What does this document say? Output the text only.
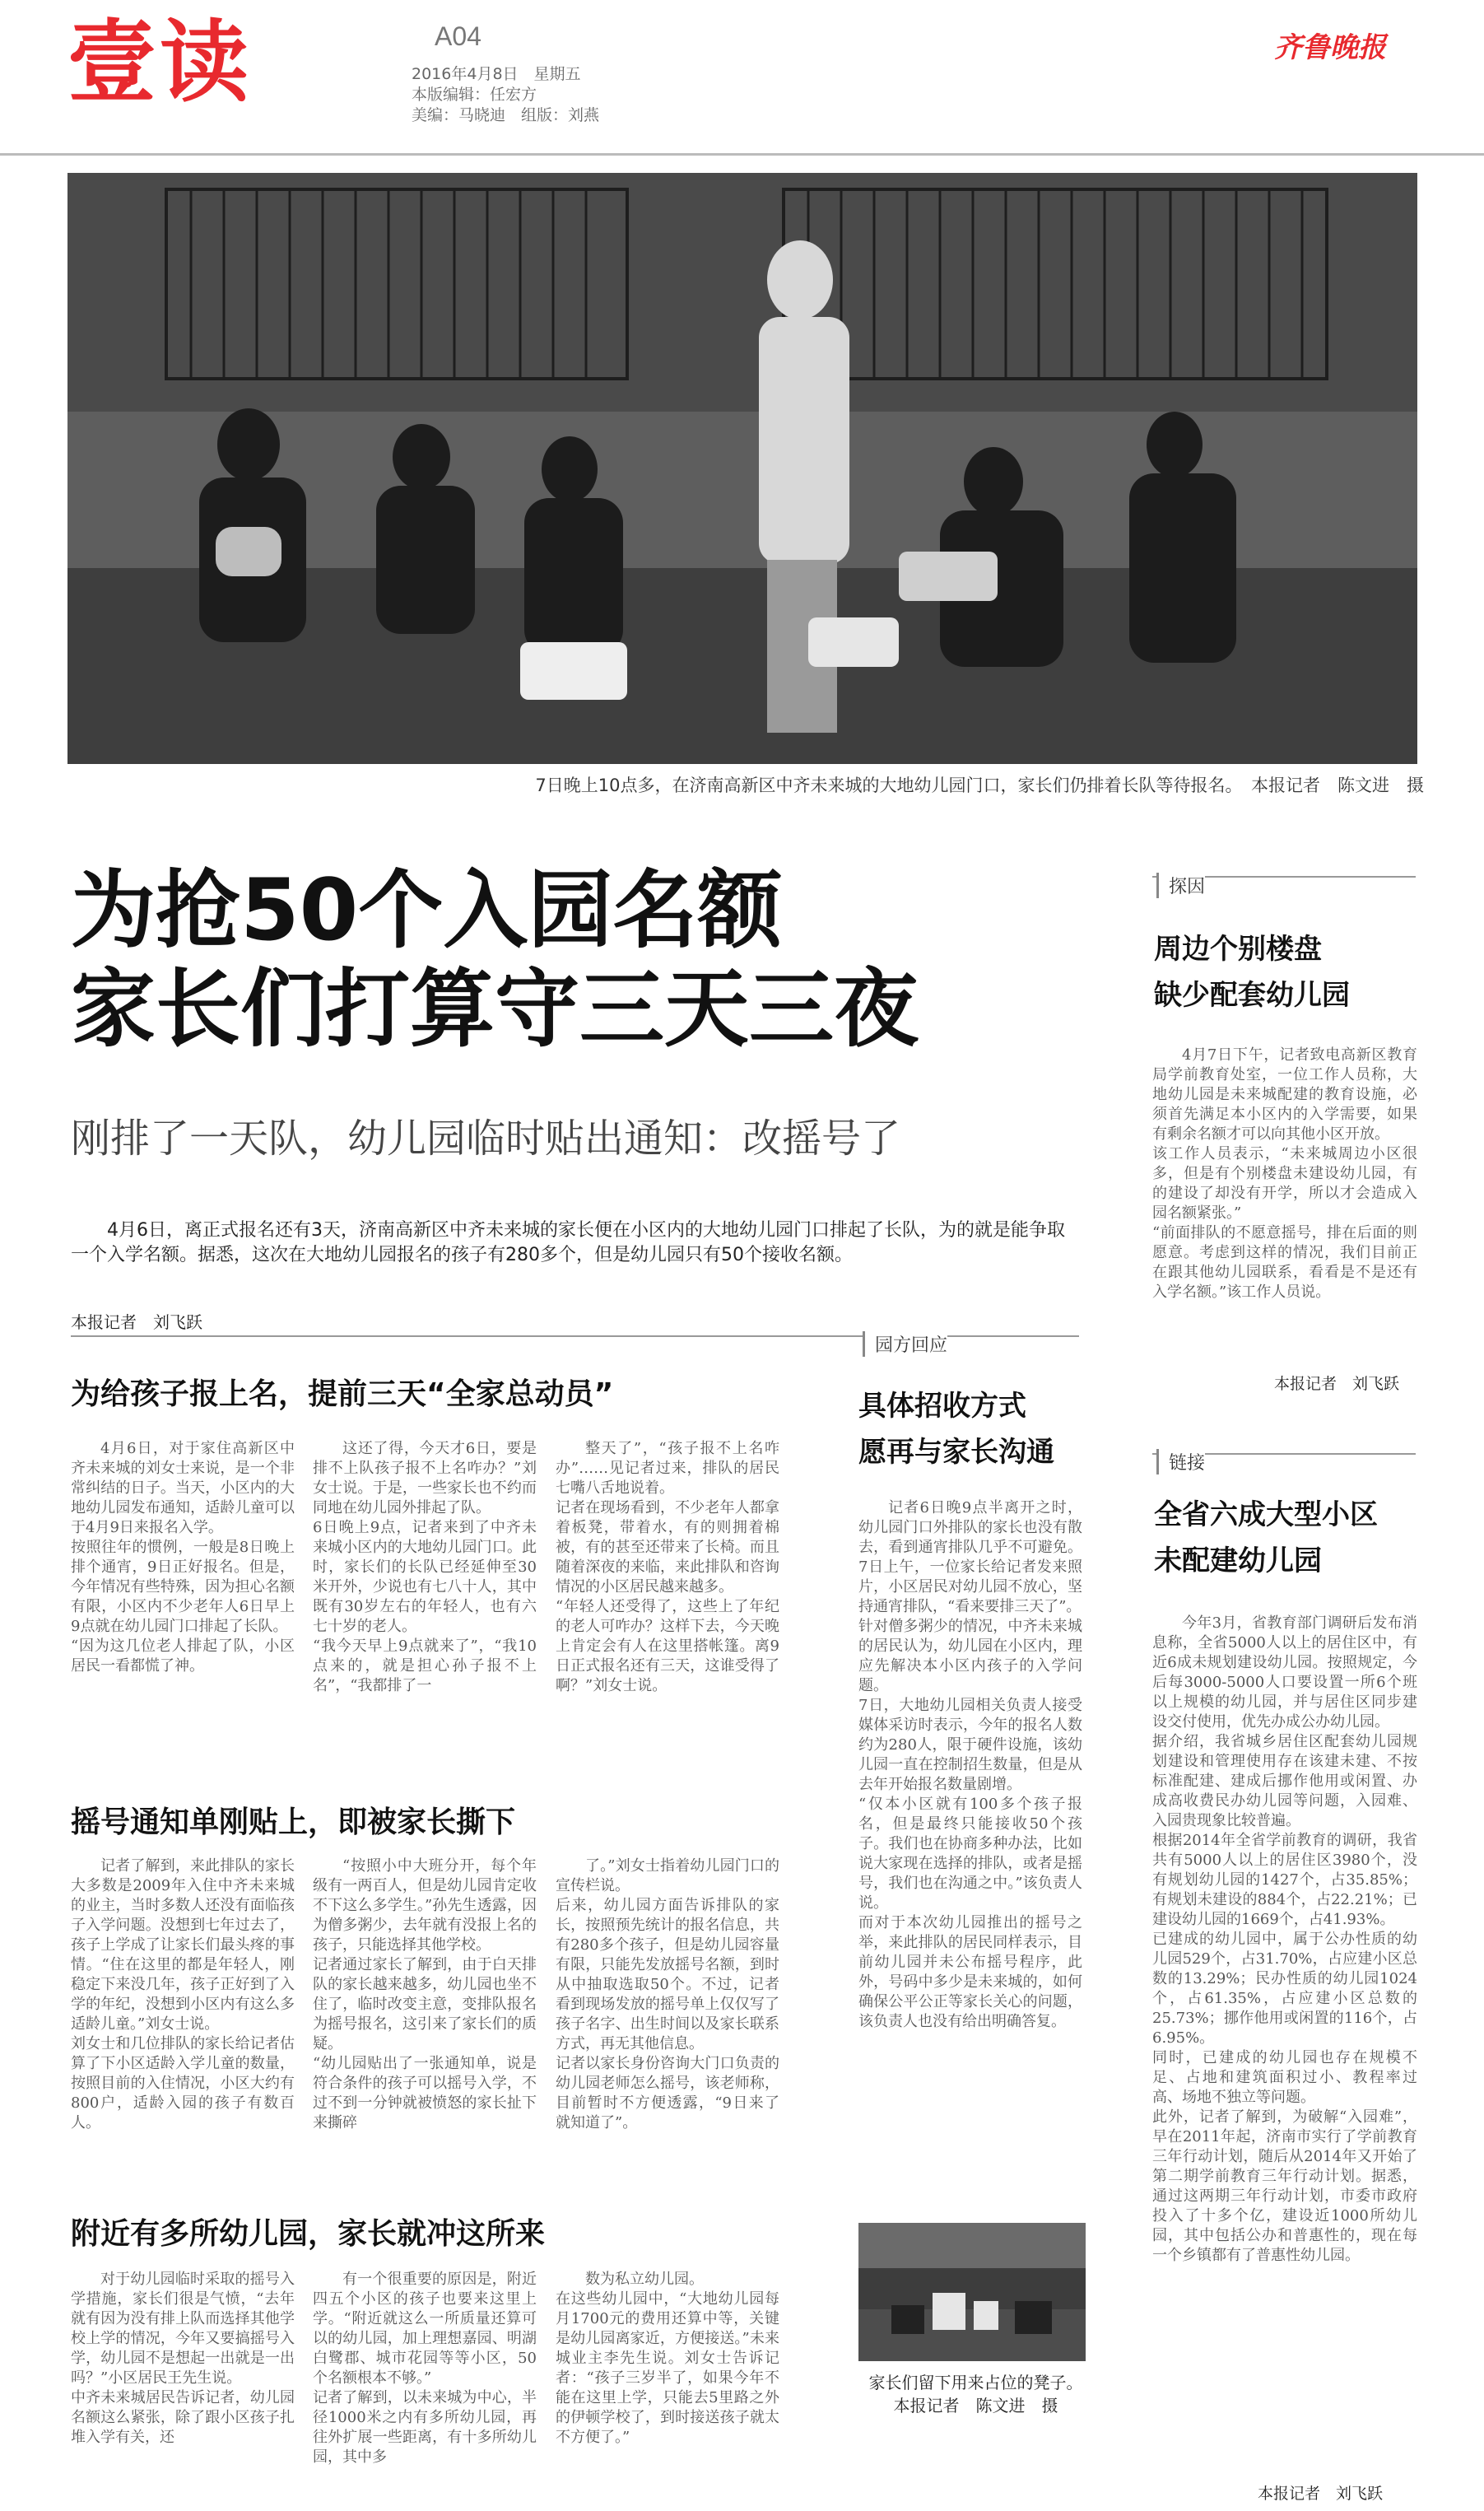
壹读	A04
2016年4月8日　星期五
本版编辑：任宏方
美编：马晓迪　组版：刘燕
齐鲁晚报
7日晚上10点多，在济南高新区中齐未来城的大地幼儿园门口，家长们仍排着长队等待报名。　本报记者　陈文进　摄
为抢50个入园名额
家长们打算守三天三夜
刚排了一天队，幼儿园临时贴出通知：改摇号了
4月6日，离正式报名还有3天，济南高新区中齐未来城的家长便在小区内的大地幼儿园门口排起了长队，为的就是能争取一个入学名额。据悉，这次在大地幼儿园报名的孩子有280多个，但是幼儿园只有50个接收名额。
本报记者　刘飞跃
为给孩子报上名，提前三天“全家总动员”
4月6日，对于家住高新区中齐未来城的刘女士来说，是一个非常纠结的日子。当天，小区内的大地幼儿园发布通知，适龄儿童可以于4月9日来报名入学。
按照往年的惯例，一般是8日晚上排个通宵，9日正好报名。但是，今年情况有些特殊，因为担心名额有限，小区内不少老年人6日早上9点就在幼儿园门口排起了长队。
“因为这几位老人排起了队，小区居民一看都慌了神。
这还了得，今天才6日，要是排不上队孩子报不上名咋办？”刘女士说。于是，一些家长也不约而同地在幼儿园外排起了队。
6日晚上9点，记者来到了中齐未来城小区内的大地幼儿园门口。此时，家长们的长队已经延伸至30米开外，少说也有七八十人，其中既有30岁左右的年轻人，也有六七十岁的老人。
“我今天早上9点就来了”，“我10点来的，就是担心孙子报不上名”，“我都排了一
整天了”，“孩子报不上名咋办”……见记者过来，排队的居民七嘴八舌地说着。
记者在现场看到，不少老年人都拿着板凳，带着水，有的则拥着棉被，有的甚至还带来了长椅。而且随着深夜的来临，来此排队和咨询情况的小区居民越来越多。
“年轻人还受得了，这些上了年纪的老人可咋办？这样下去，今天晚上肯定会有人在这里搭帐篷。离9日正式报名还有三天，这谁受得了啊？”刘女士说。
摇号通知单刚贴上，即被家长撕下
记者了解到，来此排队的家长大多数是2009年入住中齐未来城的业主，当时多数人还没有面临孩子入学问题。没想到七年过去了，孩子上学成了让家长们最头疼的事情。“住在这里的都是年轻人，刚稳定下来没几年，孩子正好到了入学的年纪，没想到小区内有这么多适龄儿童。”刘女士说。
刘女士和几位排队的家长给记者估算了下小区适龄入学儿童的数量，按照目前的入住情况，小区大约有800户，适龄入园的孩子有数百人。
“按照小中大班分开，每个年级有一两百人，但是幼儿园肯定收不下这么多学生。”孙先生透露，因为僧多粥少，去年就有没报上名的孩子，只能选择其他学校。
记者通过家长了解到，由于白天排队的家长越来越多，幼儿园也坐不住了，临时改变主意，变排队报名为摇号报名，这引来了家长们的质疑。
“幼儿园贴出了一张通知单，说是符合条件的孩子可以摇号入学，不过不到一分钟就被愤怒的家长扯下来撕碎
了。”刘女士指着幼儿园门口的宣传栏说。
后来，幼儿园方面告诉排队的家长，按照预先统计的报名信息，共有280多个孩子，但是幼儿园容量有限，只能先发放摇号名额，到时从中抽取选取50个。不过，记者看到现场发放的摇号单上仅仅写了孩子名字、出生时间以及家长联系方式，再无其他信息。
记者以家长身份咨询大门口负责的幼儿园老师怎么摇号，该老师称，目前暂时不方便透露，“9日来了就知道了”。
附近有多所幼儿园，家长就冲这所来
对于幼儿园临时采取的摇号入学措施，家长们很是气愤，“去年就有因为没有排上队而选择其他学校上学的情况，今年又要搞摇号入学，幼儿园不是想起一出就是一出吗？”小区居民王先生说。
中齐未来城居民告诉记者，幼儿园名额这么紧张，除了跟小区孩子扎堆入学有关，还
有一个很重要的原因是，附近四五个小区的孩子也要来这里上学。“附近就这么一所质量还算可以的幼儿园，加上理想嘉园、明湖白鹭郡、城市花园等等小区，50个名额根本不够。”
记者了解到，以未来城为中心，半径1000米之内有多所幼儿园，再往外扩展一些距离，有十多所幼儿园，其中多
数为私立幼儿园。
在这些幼儿园中，“大地幼儿园每月1700元的费用还算中等，关键是幼儿园离家近，方便接送。”未来城业主李先生说。刘女士告诉记者：“孩子三岁半了，如果今年不能在这里上学，只能去5里路之外的伊顿学校了，到时接送孩子就太不方便了。”
园方回应
具体招收方式
愿再与家长沟通
记者6日晚9点半离开之时，幼儿园门口外排队的家长也没有散去，看到通宵排队几乎不可避免。7日上午，一位家长给记者发来照片，小区居民对幼儿园不放心，坚持通宵排队，“看来要排三天了”。
针对僧多粥少的情况，中齐未来城的居民认为，幼儿园在小区内，理应先解决本小区内孩子的入学问题。
7日，大地幼儿园相关负责人接受媒体采访时表示，今年的报名人数约为280人，限于硬件设施，该幼儿园一直在控制招生数量，但是从去年开始报名数量剧增。
“仅本小区就有100多个孩子报名，但是最终只能接收50个孩子。我们也在协商多种办法，比如说大家现在选择的排队，或者是摇号，我们也在沟通之中。”该负责人说。
而对于本次幼儿园推出的摇号之举，来此排队的居民同样表示，目前幼儿园并未公布摇号程序，此外，号码中多少是未来城的，如何确保公平公正等家长关心的问题，该负责人也没有给出明确答复。
家长们留下用来占位的凳子。
本报记者　陈文进　摄
探因
周边个别楼盘
缺少配套幼儿园
4月7日下午，记者致电高新区教育局学前教育处室，一位工作人员称，大地幼儿园是未来城配建的教育设施，必须首先满足本小区内的入学需要，如果有剩余名额才可以向其他小区开放。
该工作人员表示，“未来城周边小区很多，但是有个别楼盘未建设幼儿园，有的建设了却没有开学，所以才会造成入园名额紧张。”
“前面排队的不愿意摇号，排在后面的则愿意。考虑到这样的情况，我们目前正在跟其他幼儿园联系，看看是不是还有入学名额。”该工作人员说。
本报记者　刘飞跃
链接
全省六成大型小区
未配建幼儿园
今年3月，省教育部门调研后发布消息称，全省5000人以上的居住区中，有近6成未规划建设幼儿园。按照规定，今后每3000-5000人口要设置一所6个班以上规模的幼儿园，并与居住区同步建设交付使用，优先办成公办幼儿园。
据介绍，我省城乡居住区配套幼儿园规划建设和管理使用存在该建未建、不按标准配建、建成后挪作他用或闲置、办成高收费民办幼儿园等问题，入园难、入园贵现象比较普遍。
根据2014年全省学前教育的调研，我省共有5000人以上的居住区3980个，没有规划幼儿园的1427个，占35.85%；有规划未建设的884个，占22.21%；已建设幼儿园的1669个，占41.93%。
已建成的幼儿园中，属于公办性质的幼儿园529个，占31.70%，占应建小区总数的13.29%；民办性质的幼儿园1024个，占61.35%，占应建小区总数的25.73%；挪作他用或闲置的116个，占6.95%。
同时，已建成的幼儿园也存在规模不足、占地和建筑面积过小、教程率过高、场地不独立等问题。
此外，记者了解到，为破解“入园难”，早在2011年起，济南市实行了学前教育三年行动计划，随后从2014年又开始了第二期学前教育三年行动计划。据悉，通过这两期三年行动计划，市委市政府投入了十多个亿，建设近1000所幼儿园，其中包括公办和普惠性的，现在每一个乡镇都有了普惠性幼儿园。
本报记者　刘飞跃
